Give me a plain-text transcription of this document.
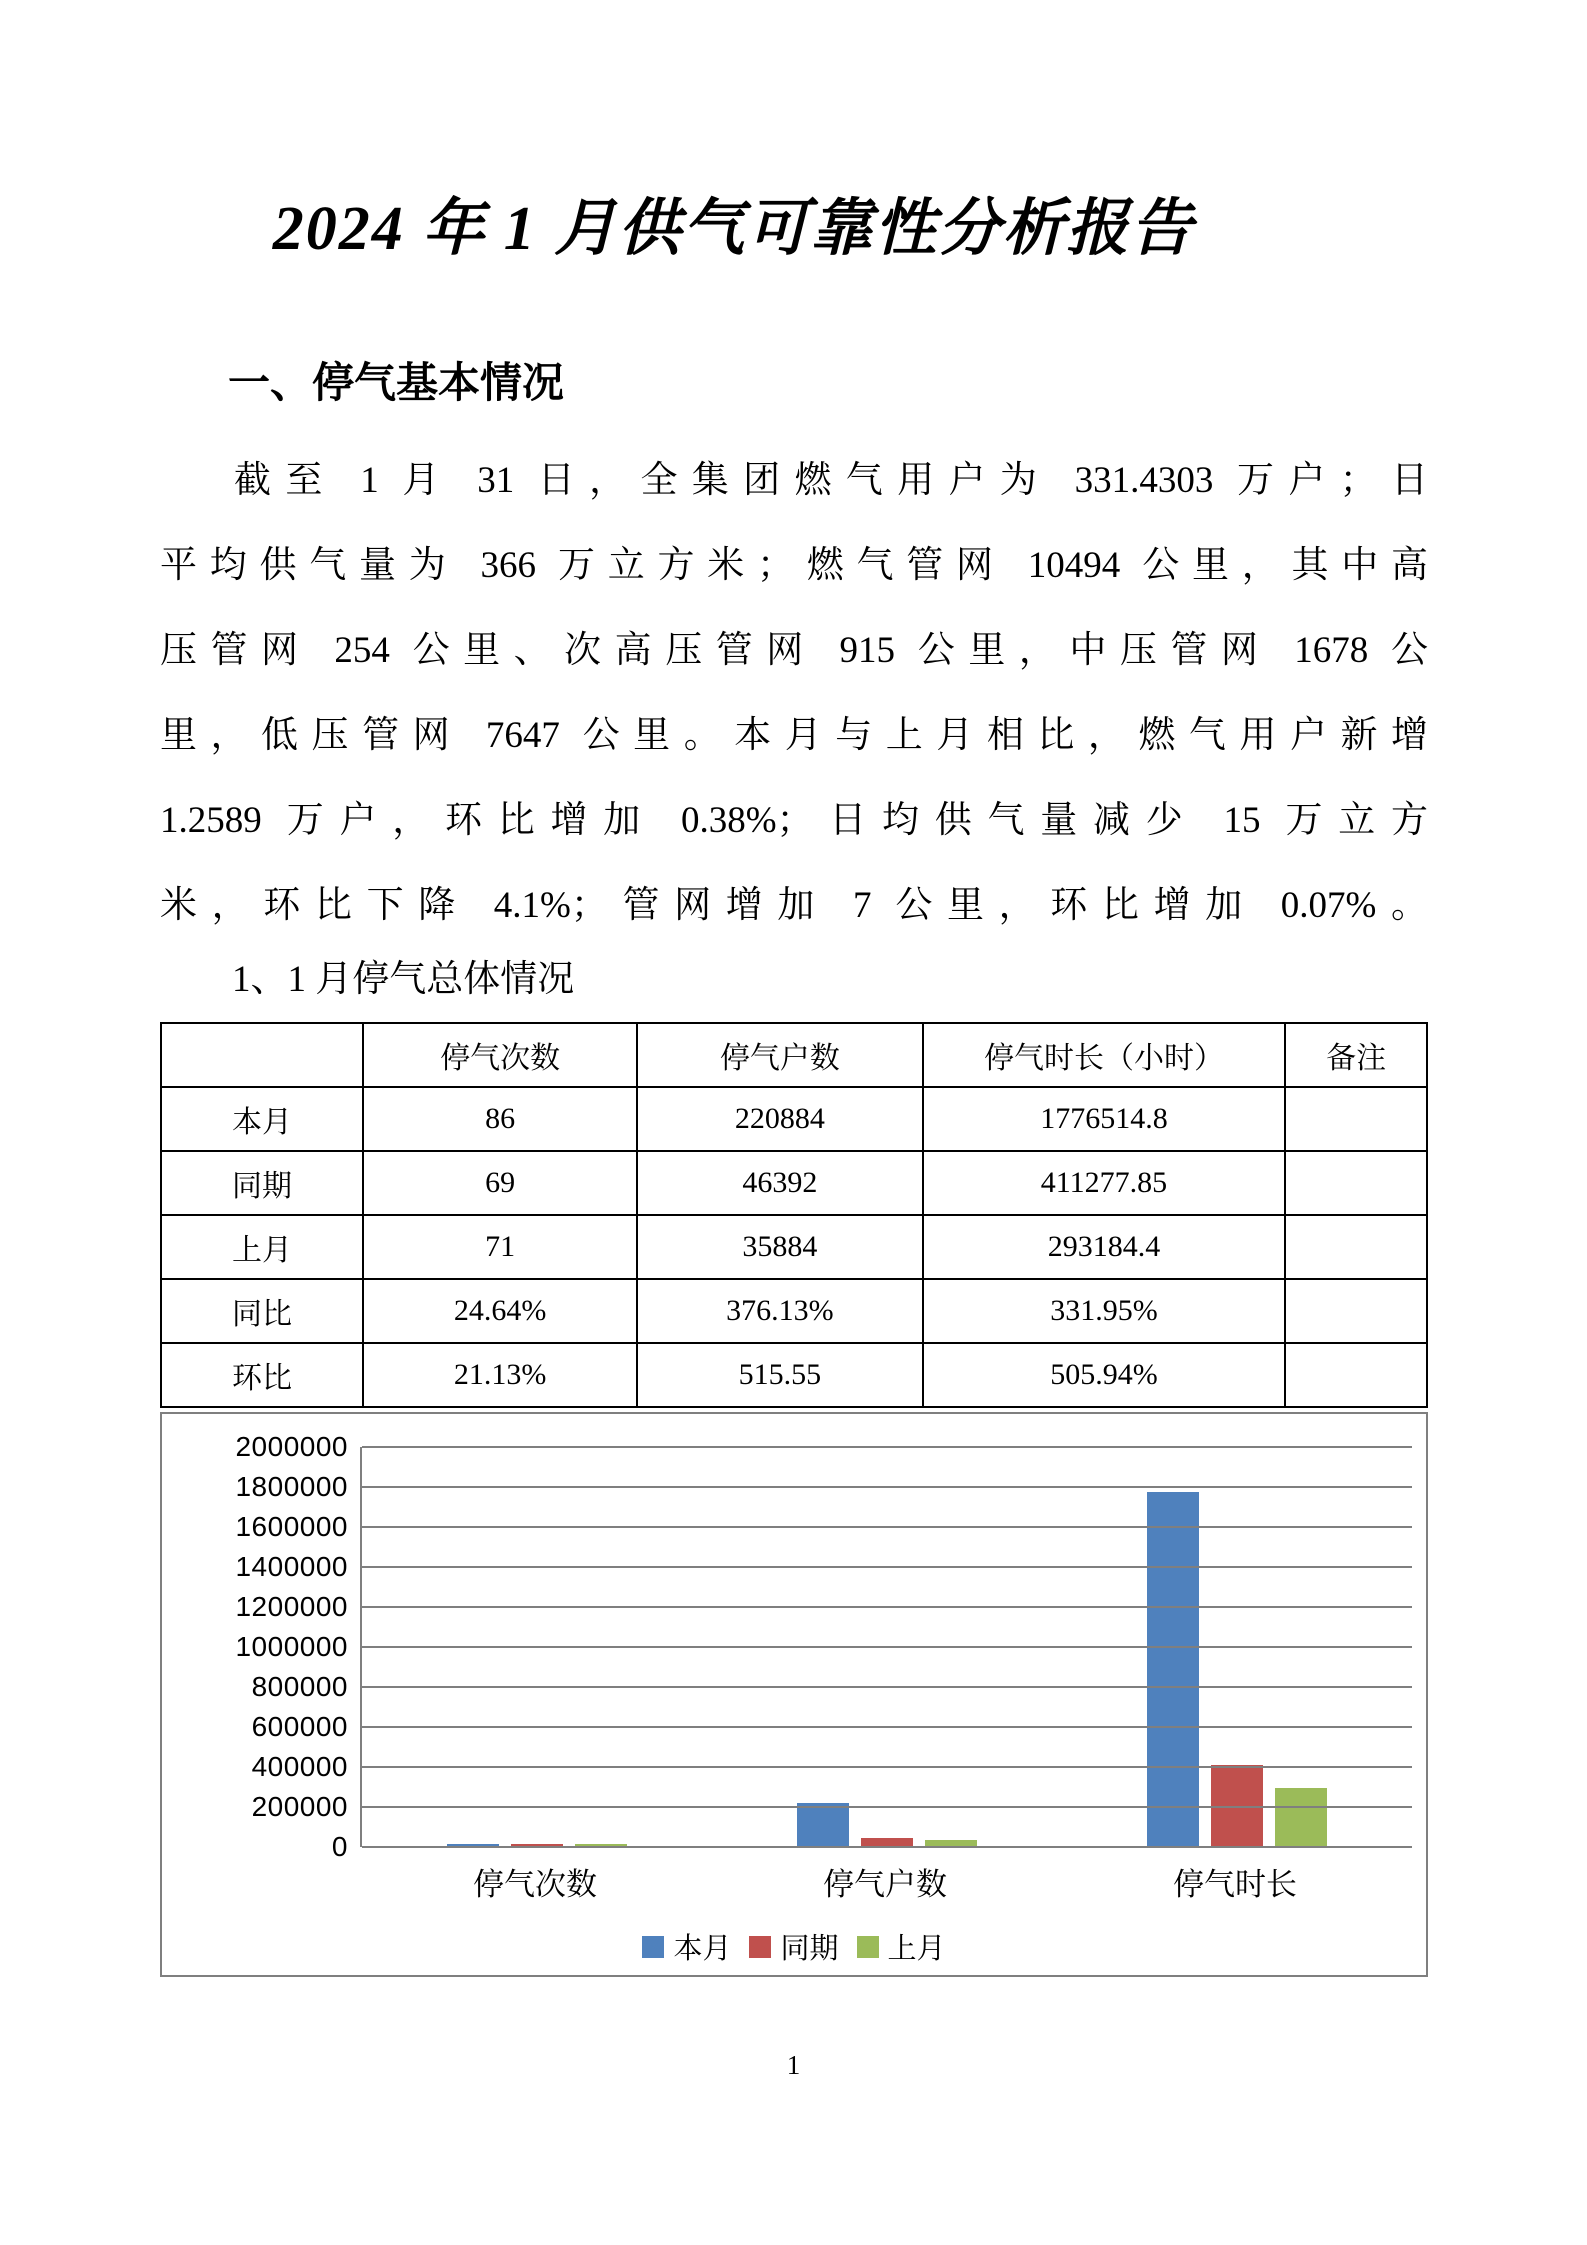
2024 年 1 月供气可靠性分析报告
一、停气基本情况
截至 1 月 31 日，全集团燃气用户为 331.4303 万户；日
平均供气量为 366 万立方米；燃气管网 10494 公里，其中高
压管网 254 公里、次高压管网 915 公里，中压管网 1678 公
里，低压管网 7647 公里。本月与上月相比，燃气用户新增
1.2589 万户，环比增加 0.38%；日均供气量减少 15 万立方
米，环比下降 4.1%；管网增加 7 公里，环比增加 0.07%。
1、1 月停气总体情况
	停气次数	停气户数	停气时长（小时）	备注
本月	86	220884	1776514.8	
同期	69	46392	411277.85	
上月	71	35884	293184.4	
同比	24.64%	376.13%	331.95%	
环比	21.13%	515.55	505.94%	
2000000
1800000
1600000
1400000
1200000
1000000
800000
600000
400000
200000
0
停气次数	停气户数	停气时长
本月 同期 上月
1
